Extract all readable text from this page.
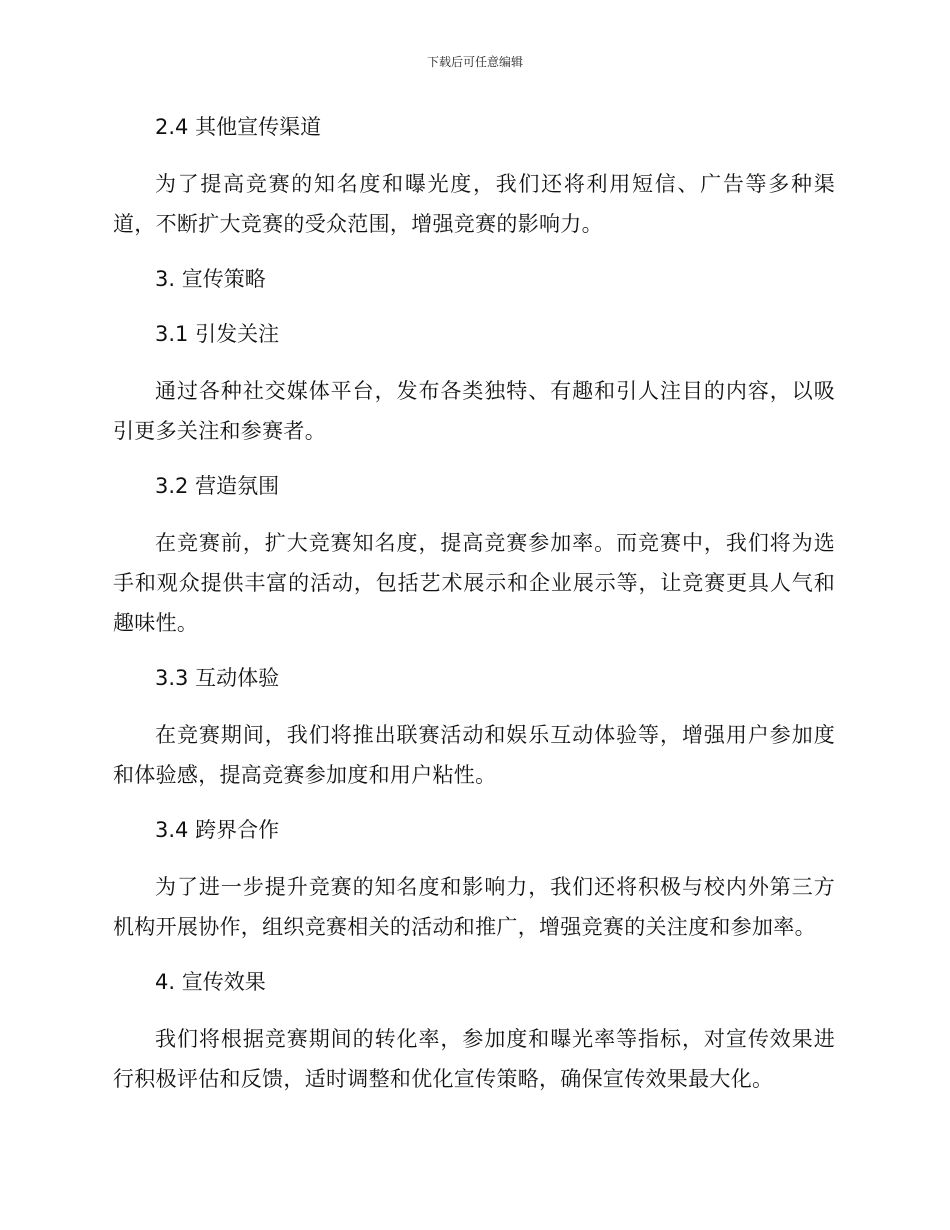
下载后可任意编辑
2.4 其他宣传渠道

为了提高竞赛的知名度和曝光度，我们还将利用短信、广告等多种渠道，不断扩大竞赛的受众范围，增强竞赛的影响力。

3. 宣传策略
3.1 引发关注

通过各种社交媒体平台，发布各类独特、有趣和引人注目的内容，以吸引更多关注和参赛者。

3.2 营造氛围

在竞赛前，扩大竞赛知名度，提高竞赛参加率。而竞赛中，我们将为选手和观众提供丰富的活动，包括艺术展示和企业展示等，让竞赛更具人气和趣味性。

3.3 互动体验

在竞赛期间，我们将推出联赛活动和娱乐互动体验等，增强用户参加度和体验感，提高竞赛参加度和用户粘性。

3.4 跨界合作

为了进一步提升竞赛的知名度和影响力，我们还将积极与校内外第三方机构开展协作，组织竞赛相关的活动和推广，增强竞赛的关注度和参加率。

4. 宣传效果

我们将根据竞赛期间的转化率，参加度和曝光率等指标，对宣传效果进行积极评估和反馈，适时调整和优化宣传策略，确保宣传效果最大化。
